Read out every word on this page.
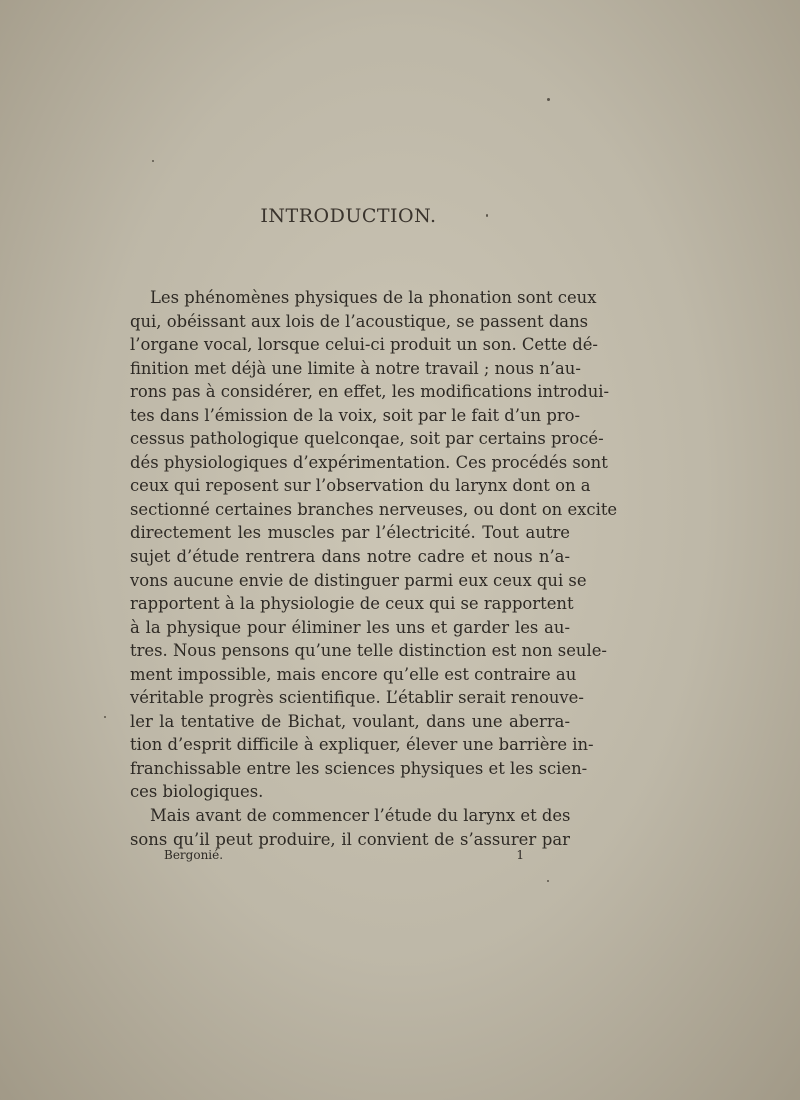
INTRODUCTION.
Les phénomènes physiques de la phonation sont ceux
qui, obéissant aux lois de l’acoustique, se passent dans
l’organe vocal, lorsque celui-ci produit un son. Cette dé-
finition met déjà une limite à notre travail ; nous n’au-
rons pas à considérer, en effet, les modifications introdui-
tes dans l’émission de la voix, soit par le fait d’un pro-
cessus pathologique quelconqae, soit par certains procé-
dés physiologiques d’expérimentation. Ces procédés sont
ceux qui reposent sur l’observation du larynx dont on a
sectionné certaines branches nerveuses, ou dont on excite
directement les muscles par l’électricité. Tout autre
sujet d’étude rentrera dans notre cadre et nous n’a-
vons aucune envie de distinguer parmi eux ceux qui se
rapportent à la physiologie de ceux qui se rapportent
à la physique pour éliminer les uns et garder les au-
tres. Nous pensons qu’une telle distinction est non seule-
ment impossible, mais encore qu’elle est contraire au
véritable progrès scientifique. L’établir serait renouve-
ler la tentative de Bichat, voulant, dans une aberra-
tion d’esprit difficile à expliquer, élever une barrière in-
franchissable entre les sciences physiques et les scien-
ces biologiques.
Mais avant de commencer l’étude du larynx et des
sons qu’il peut produire, il convient de s’assurer par
Bergonié.	1
